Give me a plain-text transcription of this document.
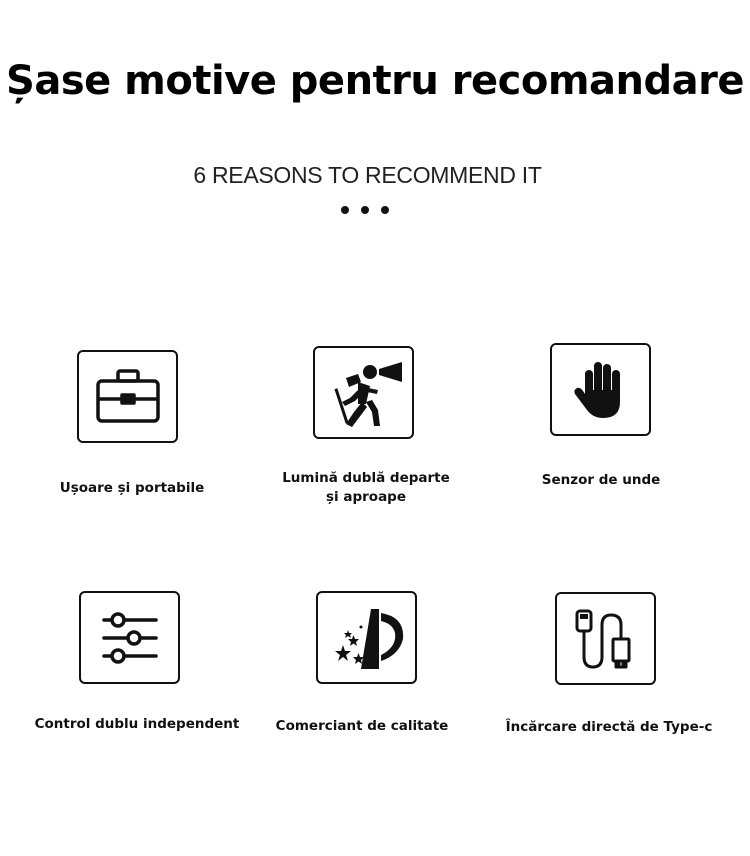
Șase motive pentru recomandare
6 REASONS TO RECOMMEND IT
Ușoare și portabile
Lumină dublă departe
și aproape
Senzor de unde
Control dublu independent	Comerciant de calitate	Încărcare directă de Type-c
